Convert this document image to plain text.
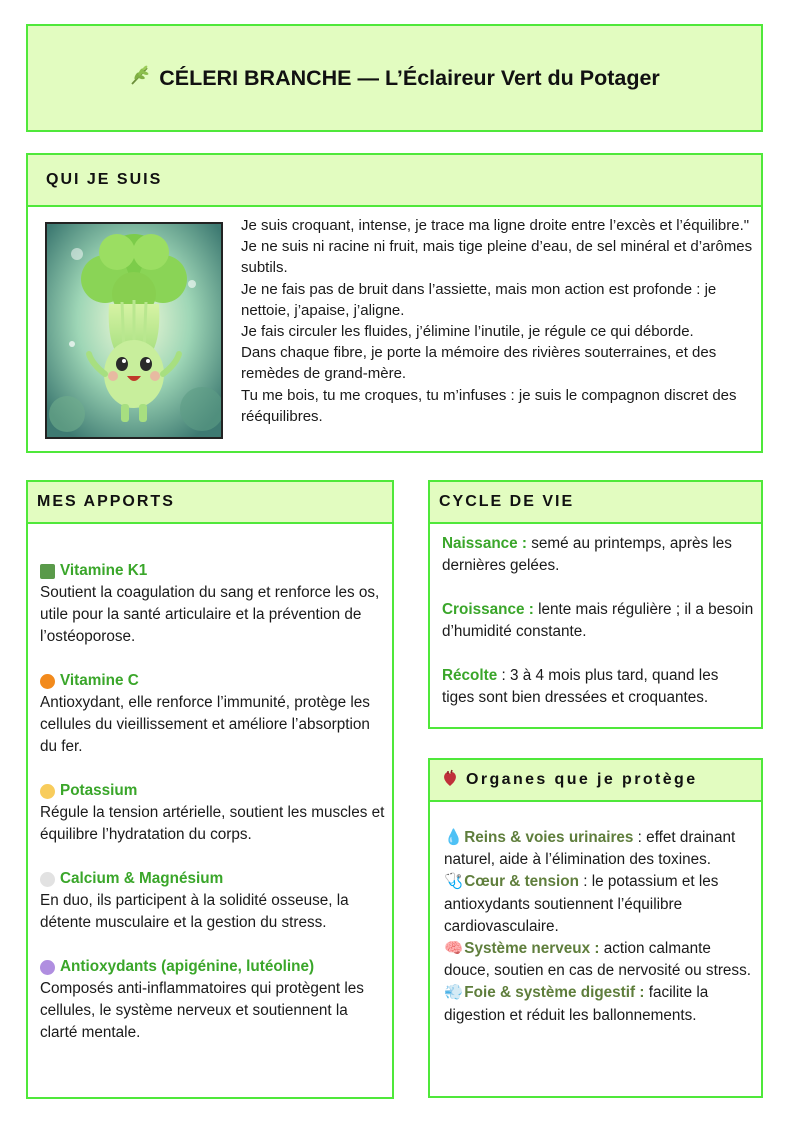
CÉLERI BRANCHE — L’Éclaireur Vert du Potager
QUI JE SUIS

Je suis croquant, intense, je trace ma ligne droite entre l’excès et l’équilibre."

Je ne suis ni racine ni fruit, mais tige pleine d’eau, de sel minéral et d’arômes subtils.

Je ne fais pas de bruit dans l’assiette, mais mon action est profonde : je nettoie, j’apaise, j’aligne.

Je fais circuler les fluides, j’élimine l’inutile, je régule ce qui déborde.

Dans chaque fibre, je porte la mémoire des rivières souterraines, et des remèdes de grand-mère.

Tu me bois, tu me croques, tu m’infuses : je suis le compagnon discret des rééquilibres.

MES APPORTS
Vitamine K1
Soutient la coagulation du sang et renforce les os, utile pour la santé articulaire et la prévention de l’ostéoporose.
Vitamine C
Antioxydant, elle renforce l’immunité, protège les cellules du vieillissement et améliore l’absorption du fer.
Potassium
Régule la tension artérielle, soutient les muscles et équilibre l’hydratation du corps.
Calcium & Magnésium
En duo, ils participent à la solidité osseuse, la détente musculaire et la gestion du stress.
Antioxydants (apigénine, lutéoline)
Composés anti-inflammatoires qui protègent les cellules, le système nerveux et soutiennent la clarté mentale.
CYCLE DE VIE

Naissance : semé au printemps, après les dernières gelées.

Croissance : lente mais régulière ; il a besoin d’humidité constante.

Récolte : 3 à 4 mois plus tard, quand les tiges sont bien dressées et croquantes.

Organes que je protège

💧 Reins & voies urinaires : effet drainant naturel, aide à l’élimination des toxines.

🩺 Cœur & tension : le potassium et les antioxydants soutiennent l’équilibre cardiovasculaire.

🧠 Système nerveux : action calmante douce, soutien en cas de nervosité ou stress.

💨 Foie & système digestif : facilite la digestion et réduit les ballonnements.
